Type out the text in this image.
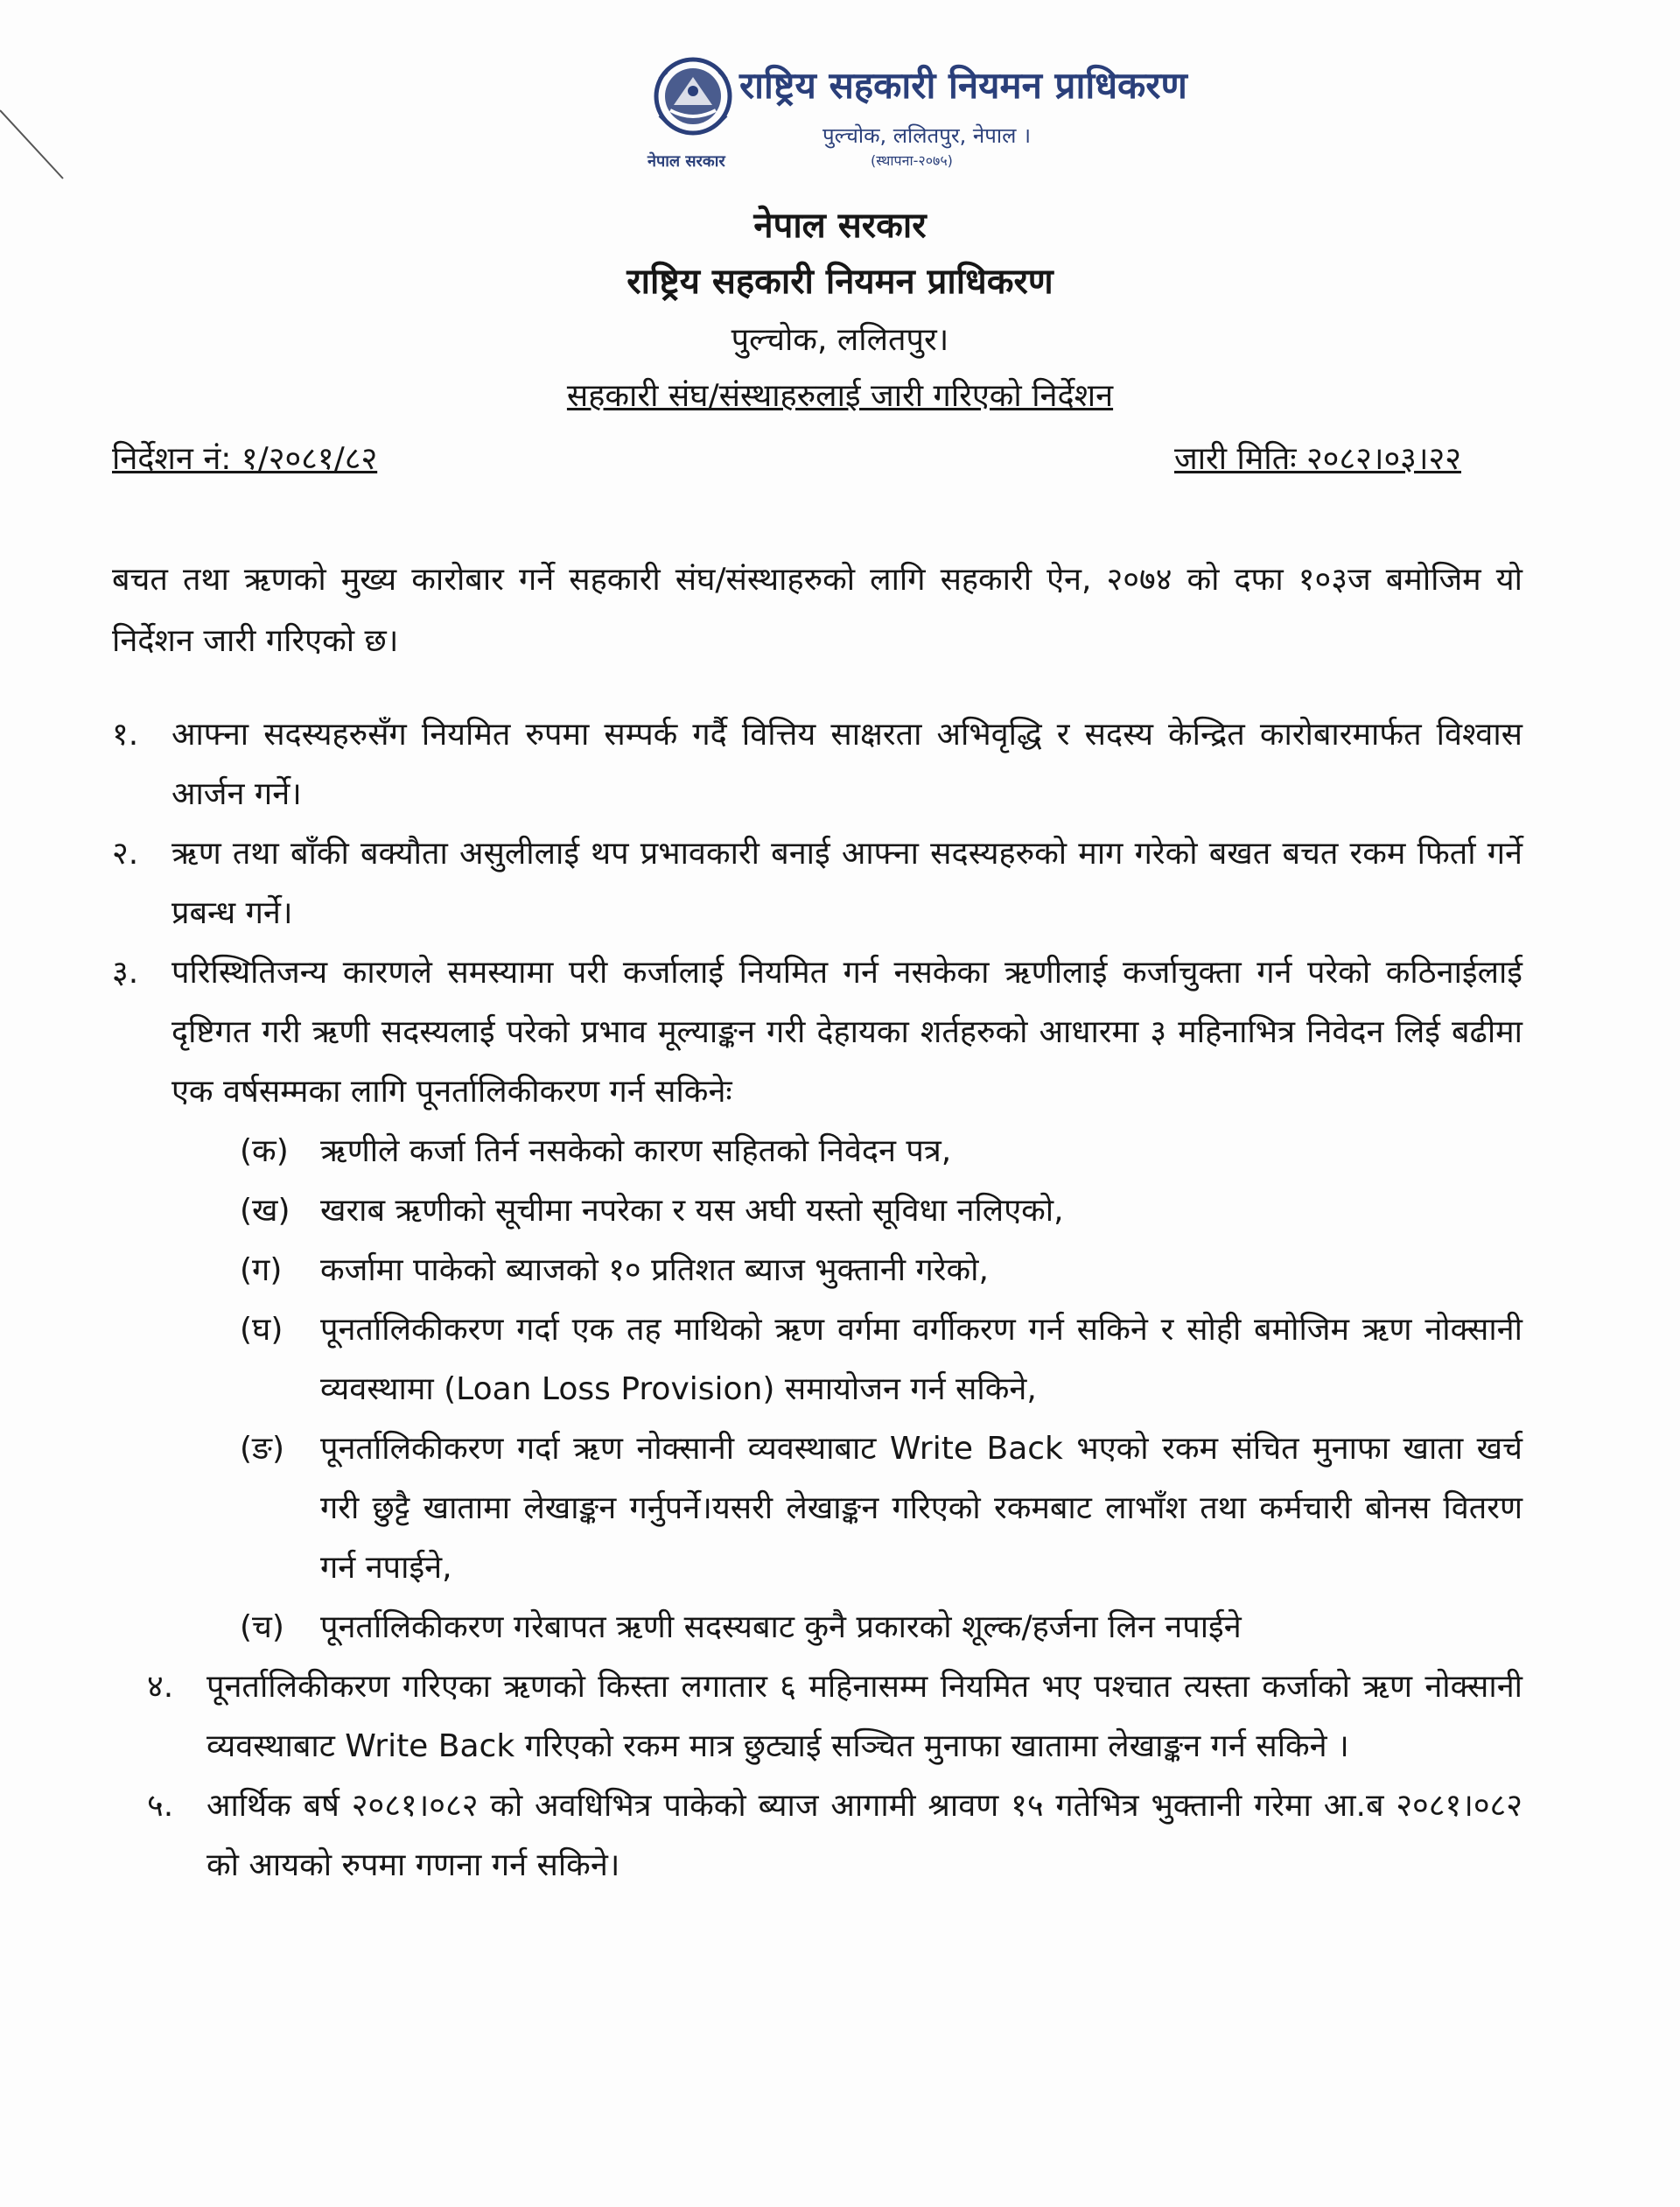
राष्ट्रिय सहकारी नियमन प्राधिकरण
पुल्चोक, ललितपुर, नेपाल ।
(स्थापना-२०७५)
नेपाल सरकार
नेपाल सरकार
राष्ट्रिय सहकारी नियमन प्राधिकरण
पुल्चोक, ललितपुर।
सहकारी संघ/संस्थाहरुलाई जारी गरिएको निर्देशन
निर्देशन नं: १/२०८१/८२	जारी मितिः २०८२।०३।२२
बचत तथा ऋणको मुख्य कारोबार गर्ने सहकारी संघ/संस्थाहरुको लागि सहकारी ऐन, २०७४ को दफा १०३ज बमोजिम यो निर्देशन जारी गरिएको छ।
१.	आफ्ना सदस्यहरुसँग नियमित रुपमा सम्पर्क गर्दै वित्तिय साक्षरता अभिवृद्धि र सदस्य केन्द्रित कारोबारमार्फत विश्वास आर्जन गर्ने।
२.	ऋण तथा बाँकी बक्यौता असुलीलाई थप प्रभावकारी बनाई आफ्ना सदस्यहरुको माग गरेको बखत बचत रकम फिर्ता गर्ने प्रबन्ध गर्ने।
३.	परिस्थितिजन्य कारणले समस्यामा परी कर्जालाई नियमित गर्न नसकेका ऋणीलाई कर्जाचुक्ता गर्न परेको कठिनाईलाई दृष्टिगत गरी ऋणी सदस्यलाई परेको प्रभाव मूल्याङ्कन गरी देहायका शर्तहरुको आधारमा ३ महिनाभित्र निवेदन लिई बढीमा एक वर्षसम्मका लागि पूनर्तालिकीकरण गर्न सकिनेः
(क)	ऋणीले कर्जा तिर्न नसकेको कारण सहितको निवेदन पत्र,
(ख) खराब ऋणीको सूचीमा नपरेका र यस अघी यस्तो सूविधा नलिएको,
(ग)	कर्जामा पाकेको ब्याजको १० प्रतिशत ब्याज भुक्तानी गरेको,
(घ)	पूनर्तालिकीकरण गर्दा एक तह माथिको ऋण वर्गमा वर्गीकरण गर्न सकिने र सोही बमोजिम ऋण नोक्सानी व्यवस्थामा (Loan Loss Provision) समायोजन गर्न सकिने,
(ङ)	पूनर्तालिकीकरण गर्दा ऋण नोक्सानी व्यवस्थाबाट Write Back भएको रकम संचित मुनाफा खाता खर्च गरी छुट्टै खातामा लेखाङ्कन गर्नुपर्ने।यसरी लेखाङ्कन गरिएको रकमबाट लाभाँश तथा कर्मचारी बोनस वितरण गर्न नपाईने,
(च)	पूनर्तालिकीकरण गरेबापत ऋणी सदस्यबाट कुनै प्रकारको शूल्क/हर्जना लिन नपाईने
४.	पूनर्तालिकीकरण गरिएका ऋणको किस्ता लगातार ६ महिनासम्म नियमित भए पश्चात त्यस्ता कर्जाको ऋण नोक्सानी व्यवस्थाबाट Write Back गरिएको रकम मात्र छुट्याई सञ्चित मुनाफा खातामा लेखाङ्कन गर्न सकिने ।
५.	आर्थिक बर्ष २०८१।०८२ को अवधिभित्र पाकेको ब्याज आगामी श्रावण १५ गतेभित्र भुक्तानी गरेमा आ.ब २०८१।०८२ को आयको रुपमा गणना गर्न सकिने।
